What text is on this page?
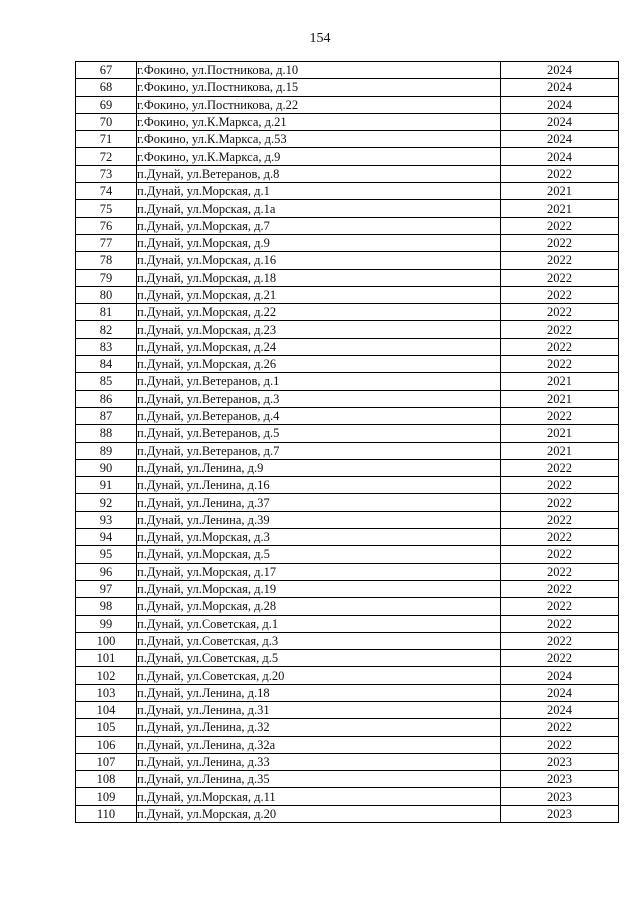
154
67	г.Фокино, ул.Постникова, д.10	2024
68	г.Фокино, ул.Постникова, д.15	2024
69	г.Фокино, ул.Постникова, д.22	2024
70	г.Фокино, ул.К.Маркса, д.21	2024
71	г.Фокино, ул.К.Маркса, д.53	2024
72	г.Фокино, ул.К.Маркса, д.9	2024
73	п.Дунай, ул.Ветеранов, д.8	2022
74	п.Дунай, ул.Морская, д.1	2021
75	п.Дунай, ул.Морская, д.1а	2021
76	п.Дунай, ул.Морская, д.7	2022
77	п.Дунай, ул.Морская, д.9	2022
78	п.Дунай, ул.Морская, д.16	2022
79	п.Дунай, ул.Морская, д.18	2022
80	п.Дунай, ул.Морская, д.21	2022
81	п.Дунай, ул.Морская, д.22	2022
82	п.Дунай, ул.Морская, д.23	2022
83	п.Дунай, ул.Морская, д.24	2022
84	п.Дунай, ул.Морская, д.26	2022
85	п.Дунай, ул.Ветеранов, д.1	2021
86	п.Дунай, ул.Ветеранов, д.3	2021
87	п.Дунай, ул.Ветеранов, д.4	2022
88	п.Дунай, ул.Ветеранов, д.5	2021
89	п.Дунай, ул.Ветеранов, д.7	2021
90	п.Дунай, ул.Ленина, д.9	2022
91	п.Дунай, ул.Ленина, д.16	2022
92	п.Дунай, ул.Ленина, д.37	2022
93	п.Дунай, ул.Ленина, д.39	2022
94	п.Дунай, ул.Морская, д.3	2022
95	п.Дунай, ул.Морская, д.5	2022
96	п.Дунай, ул.Морская, д.17	2022
97	п.Дунай, ул.Морская, д.19	2022
98	п.Дунай, ул.Морская, д.28	2022
99	п.Дунай, ул.Советская, д.1	2022
100	п.Дунай, ул.Советская, д.3	2022
101	п.Дунай, ул.Советская, д.5	2022
102	п.Дунай, ул.Советская, д.20	2024
103	п.Дунай, ул.Ленина, д.18	2024
104	п.Дунай, ул.Ленина, д.31	2024
105	п.Дунай, ул.Ленина, д.32	2022
106	п.Дунай, ул.Ленина, д.32а	2022
107	п.Дунай, ул.Ленина, д.33	2023
108	п.Дунай, ул.Ленина, д.35	2023
109	п.Дунай, ул.Морская, д.11	2023
110	п.Дунай, ул.Морская, д.20	2023
